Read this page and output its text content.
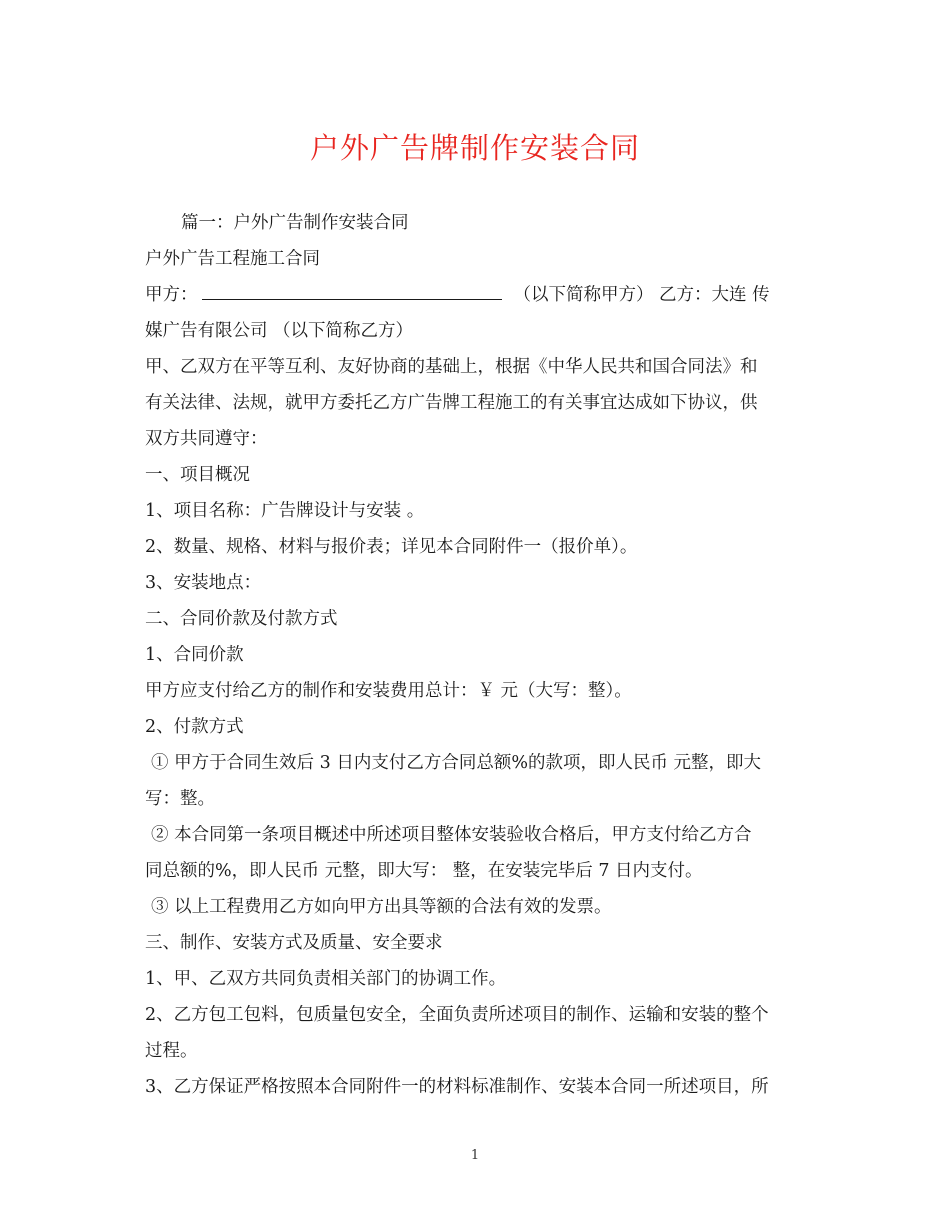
户外广告牌制作安装合同

篇一：户外广告制作安装合同

户外广告工程施工合同

甲方：	（以下简称甲方） 乙方：大连 传

媒广告有限公司 （以下简称乙方）

甲、乙双方在平等互利、友好协商的基础上，根据《中华人民共和国合同法》和

有关法律、法规，就甲方委托乙方广告牌工程施工的有关事宜达成如下协议，供

双方共同遵守：

一、项目概况

1、项目名称：广告牌设计与安装 。

2、数量、规格、材料与报价表；详见本合同附件一（报价单）。

3、安装地点：

二、合同价款及付款方式

1、合同价款

甲方应支付给乙方的制作和安装费用总计：￥ 元（大写：整）。

2、付款方式

① 甲方于合同生效后 3 日内支付乙方合同总额%的款项，即人民币 元整，即大

写：整。

② 本合同第一条项目概述中所述项目整体安装验收合格后，甲方支付给乙方合

同总额的%，即人民币 元整，即大写： 整，在安装完毕后 7 日内支付。

③ 以上工程费用乙方如向甲方出具等额的合法有效的发票。

三、制作、安装方式及质量、安全要求

1、甲、乙双方共同负责相关部门的协调工作。

2、乙方包工包料，包质量包安全，全面负责所述项目的制作、运输和安装的整个

过程。

3、乙方保证严格按照本合同附件一的材料标准制作、安装本合同一所述项目，所

1
